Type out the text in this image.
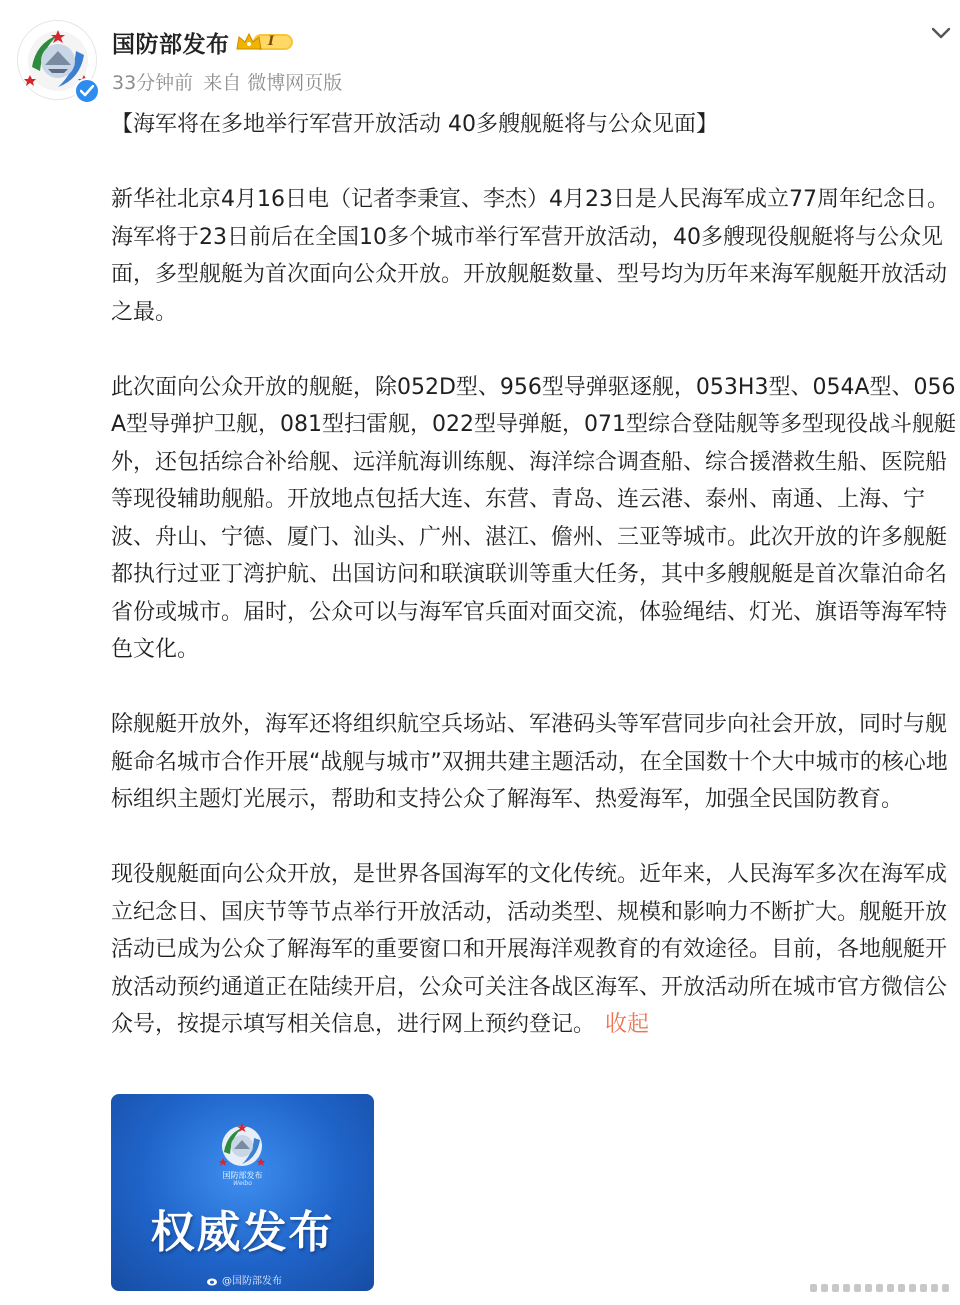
国防部发布	I
33分钟前 来自 微博网页版

【海军将在多地举行军营开放活动 40多艘舰艇将与公众见面】

新华社北京4月16日电（记者李秉宣、李杰）4月23日是人民海军成立77周年纪念日。海军将于23日前后在全国10多个城市举行军营开放活动，40多艘现役舰艇将与公众见面，多型舰艇为首次面向公众开放。开放舰艇数量、型号均为历年来海军舰艇开放活动之最。

此次面向公众开放的舰艇，除052D型、956型导弹驱逐舰，053H3型、054A型、056A型导弹护卫舰，081型扫雷舰，022型导弹艇，071型综合登陆舰等多型现役战斗舰艇外，还包括综合补给舰、远洋航海训练舰、海洋综合调查船、综合援潜救生船、医院船等现役辅助舰船。开放地点包括大连、东营、青岛、连云港、泰州、南通、上海、宁波、舟山、宁德、厦门、汕头、广州、湛江、儋州、三亚等城市。此次开放的许多舰艇都执行过亚丁湾护航、出国访问和联演联训等重大任务，其中多艘舰艇是首次靠泊命名省份或城市。届时，公众可以与海军官兵面对面交流，体验绳结、灯光、旗语等海军特色文化。

除舰艇开放外，海军还将组织航空兵场站、军港码头等军营同步向社会开放，同时与舰艇命名城市合作开展“战舰与城市”双拥共建主题活动，在全国数十个大中城市的核心地标组织主题灯光展示，帮助和支持公众了解海军、热爱海军，加强全民国防教育。

现役舰艇面向公众开放，是世界各国海军的文化传统。近年来，人民海军多次在海军成立纪念日、国庆节等节点举行开放活动，活动类型、规模和影响力不断扩大。舰艇开放活动已成为公众了解海军的重要窗口和开展海洋观教育的有效途径。目前，各地舰艇开放活动预约通道正在陆续开启，公众可关注各战区海军、开放活动所在城市官方微信公众号，按提示填写相关信息，进行网上预约登记。 收起

国防部发布
Weibo
权威发布
@国防部发布
